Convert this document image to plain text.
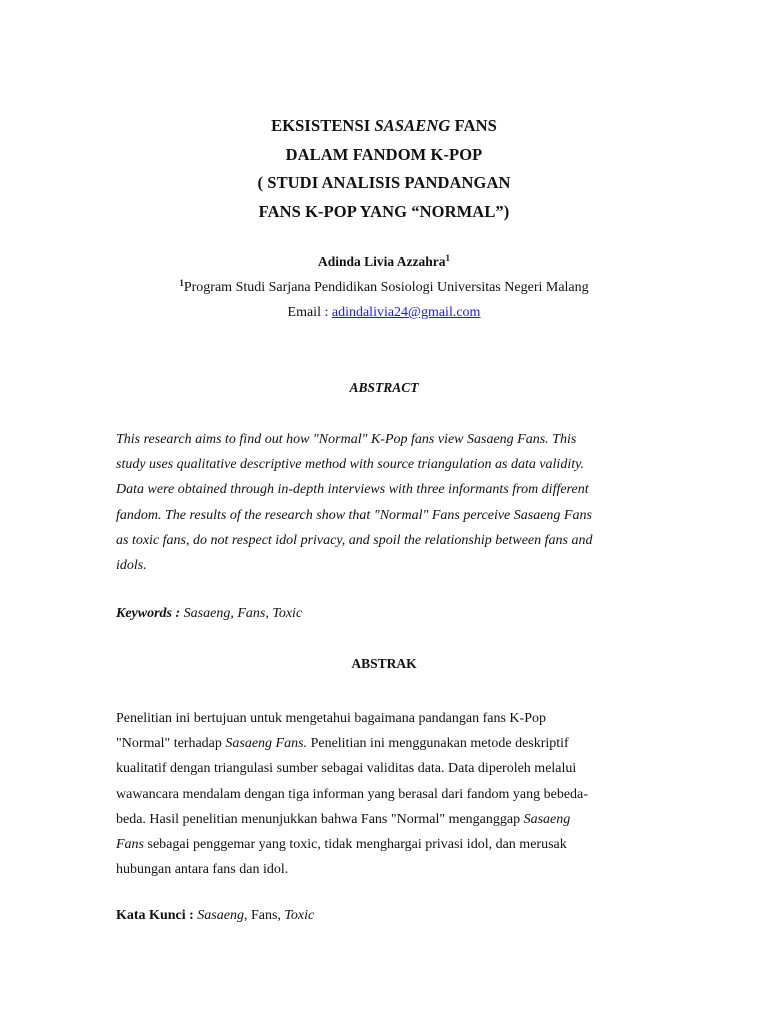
EKSISTENSI SASAENG FANS
DALAM FANDOM K-POP
( STUDI ANALISIS PANDANGAN
FANS K-POP YANG “NORMAL”)
Adinda Livia Azzahra$^1$
$^1$Program Studi Sarjana Pendidikan Sosiologi Universitas Negeri Malang
Email : adindalivia24@gmail.com
ABSTRACT
This research aims to find out how "Normal" K-Pop fans view Sasaeng Fans. This
study uses qualitative descriptive method with source triangulation as data validity.
Data were obtained through in-depth interviews with three informants from different
fandom. The results of the research show that "Normal" Fans perceive Sasaeng Fans
as toxic fans, do not respect idol privacy, and spoil the relationship between fans and
idols.
Keywords : Sasaeng, Fans, Toxic
ABSTRAK
Penelitian ini bertujuan untuk mengetahui bagaimana pandangan fans K-Pop
"Normal" terhadap Sasaeng Fans. Penelitian ini menggunakan metode deskriptif
kualitatif dengan triangulasi sumber sebagai validitas data. Data diperoleh melalui
wawancara mendalam dengan tiga informan yang berasal dari fandom yang bebeda-
beda. Hasil penelitian menunjukkan bahwa Fans "Normal" menganggap Sasaeng
Fans sebagai penggemar yang toxic, tidak menghargai privasi idol, dan merusak
hubungan antara fans dan idol.
Kata Kunci : Sasaeng, Fans, Toxic
